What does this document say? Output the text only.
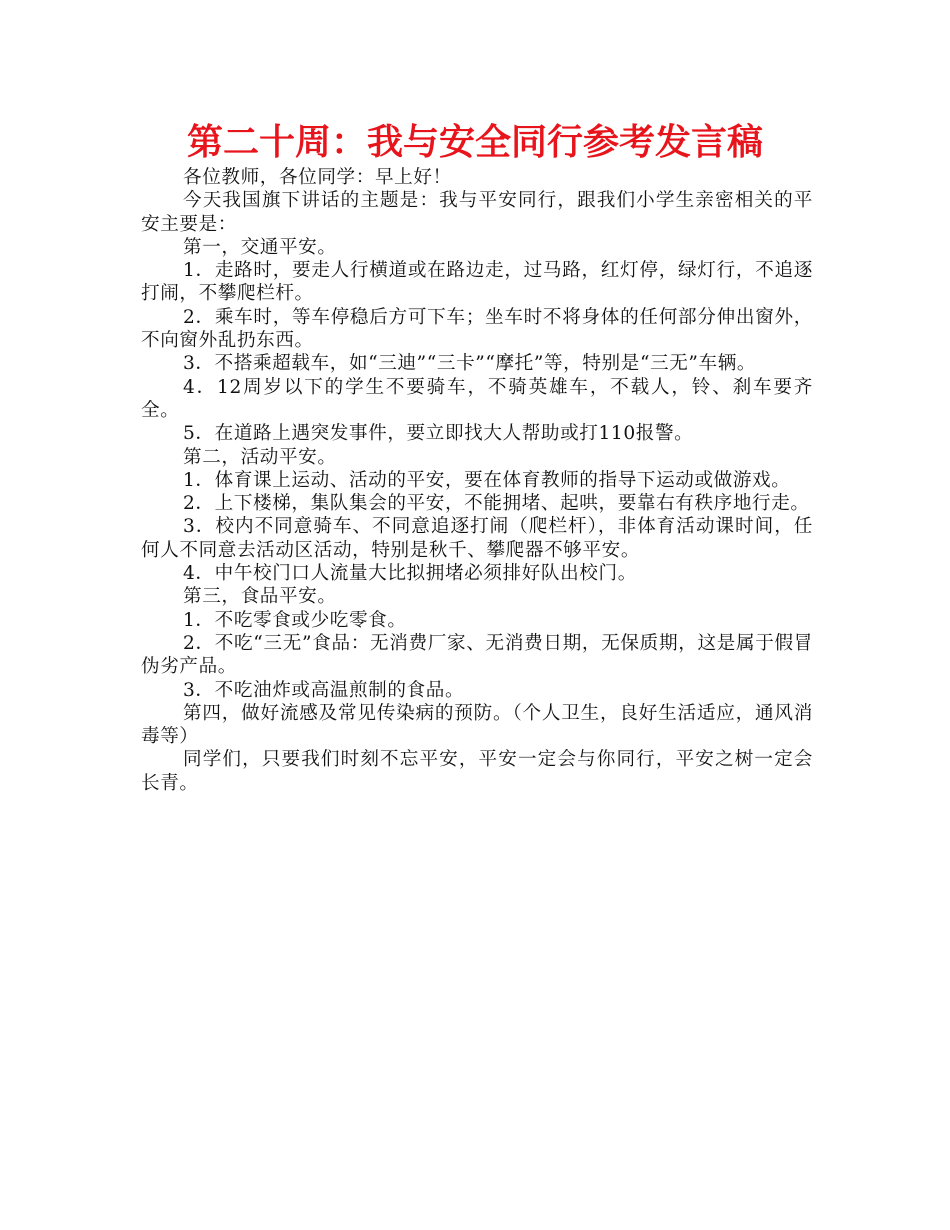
第二十周：我与安全同行参考发言稿

各位教师，各位同学：早上好！

今天我国旗下讲话的主题是：我与平安同行，跟我们小学生亲密相关的平安主要是：

第一，交通平安。

1．走路时，要走人行横道或在路边走，过马路，红灯停，绿灯行，不追逐打闹，不攀爬栏杆。

2．乘车时，等车停稳后方可下车；坐车时不将身体的任何部分伸出窗外，不向窗外乱扔东西。

3．不搭乘超载车，如“三迪”“三卡”“摩托”等，特别是“三无”车辆。

4．12周岁以下的学生不要骑车，不骑英雄车，不载人，铃、刹车要齐全。

5．在道路上遇突发事件，要立即找大人帮助或打110报警。

第二，活动平安。

1．体育课上运动、活动的平安，要在体育教师的指导下运动或做游戏。

2．上下楼梯，集队集会的平安，不能拥堵、起哄，要靠右有秩序地行走。

3．校内不同意骑车、不同意追逐打闹（爬栏杆），非体育活动课时间，任何人不同意去活动区活动，特别是秋千、攀爬器不够平安。

4．中午校门口人流量大比拟拥堵必须排好队出校门。

第三，食品平安。

1．不吃零食或少吃零食。

2．不吃“三无”食品：无消费厂家、无消费日期，无保质期，这是属于假冒伪劣产品。

3．不吃油炸或高温煎制的食品。

第四，做好流感及常见传染病的预防。（个人卫生，良好生活适应，通风消毒等）

同学们，只要我们时刻不忘平安，平安一定会与你同行，平安之树一定会长青。
